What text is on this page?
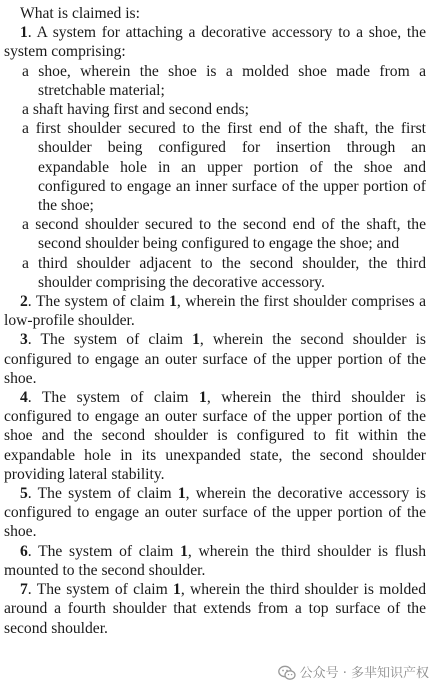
What is claimed is:

1. A system for attaching a decorative accessory to a shoe, the system comprising:

a shoe, wherein the shoe is a molded shoe made from a stretchable material;

a shaft having first and second ends;

a first shoulder secured to the first end of the shaft, the first shoulder being configured for insertion through an expandable hole in an upper portion of the shoe and configured to engage an inner surface of the upper portion of the shoe;

a second shoulder secured to the second end of the shaft, the second shoulder being configured to engage the shoe; and

a third shoulder adjacent to the second shoulder, the third shoulder comprising the decorative accessory.

2. The system of claim 1, wherein the first shoulder comprises a low-profile shoulder.

3. The system of claim 1, wherein the second shoulder is configured to engage an outer surface of the upper portion of the shoe.

4. The system of claim 1, wherein the third shoulder is configured to engage an outer surface of the upper portion of the shoe and the second shoulder is configured to fit within the expandable hole in its unexpanded state, the second shoulder providing lateral stability.

5. The system of claim 1, wherein the decorative accessory is configured to engage an outer surface of the upper portion of the shoe.

6. The system of claim 1, wherein the third shoulder is flush mounted to the second shoulder.

7. The system of claim 1, wherein the third shoulder is molded around a fourth shoulder that extends from a top surface of the second shoulder.

公众号 · 多芈知识产权
